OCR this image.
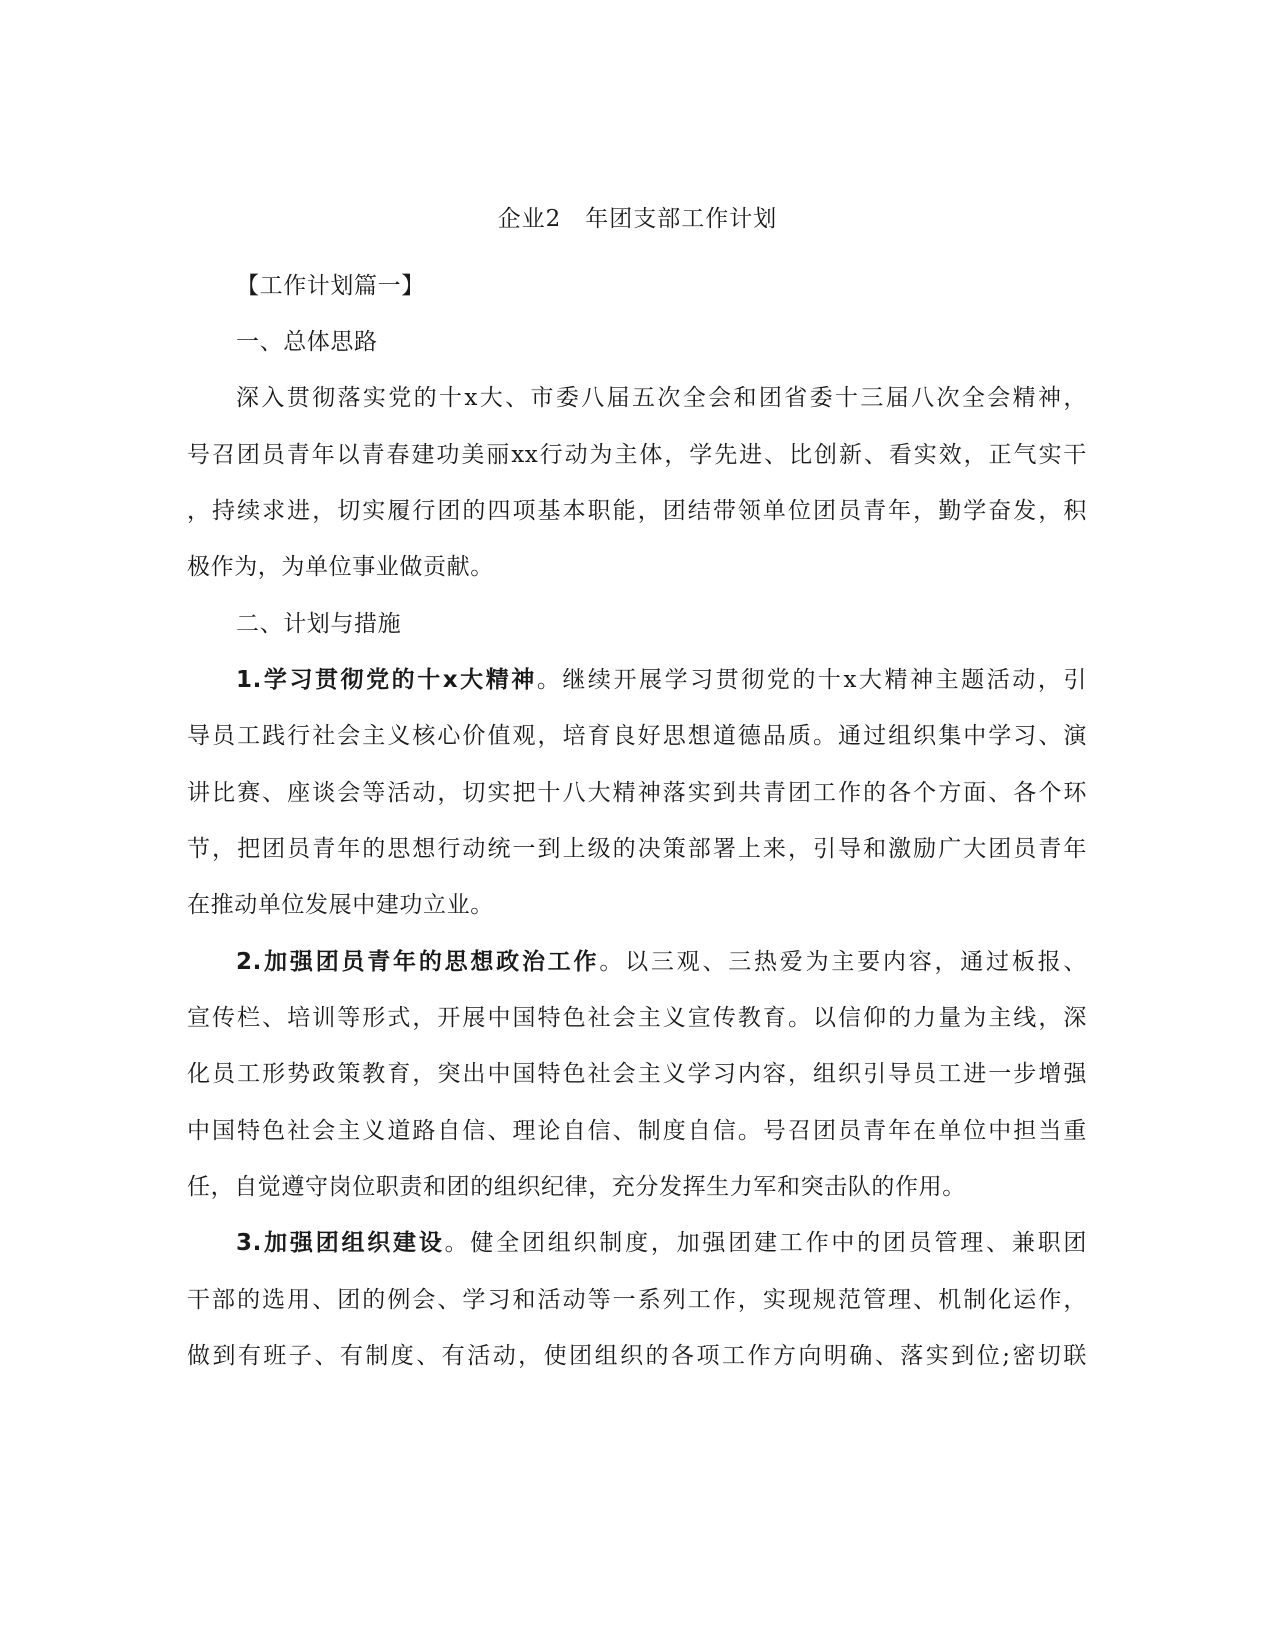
企业2　年团支部工作计划
【工作计划篇一】
一、总体思路
深入贯彻落实党的十x大、市委八届五次全会和团省委十三届八次全会精神，
号召团员青年以青春建功美丽xx行动为主体，学先进、比创新、看实效，正气实干
，持续求进，切实履行团的四项基本职能，团结带领单位团员青年，勤学奋发，积
极作为，为单位事业做贡献。
二、计划与措施
1.学习贯彻党的十x大精神。继续开展学习贯彻党的十x大精神主题活动，引
导员工践行社会主义核心价值观，培育良好思想道德品质。通过组织集中学习、演
讲比赛、座谈会等活动，切实把十八大精神落实到共青团工作的各个方面、各个环
节，把团员青年的思想行动统一到上级的决策部署上来，引导和激励广大团员青年
在推动单位发展中建功立业。
2.加强团员青年的思想政治工作。以三观、三热爱为主要内容，通过板报、
宣传栏、培训等形式，开展中国特色社会主义宣传教育。以信仰的力量为主线，深
化员工形势政策教育，突出中国特色社会主义学习内容，组织引导员工进一步增强
中国特色社会主义道路自信、理论自信、制度自信。号召团员青年在单位中担当重
任，自觉遵守岗位职责和团的组织纪律，充分发挥生力军和突击队的作用。
3.加强团组织建设。健全团组织制度，加强团建工作中的团员管理、兼职团
干部的选用、团的例会、学习和活动等一系列工作，实现规范管理、机制化运作，
做到有班子、有制度、有活动，使团组织的各项工作方向明确、落实到位;密切联
